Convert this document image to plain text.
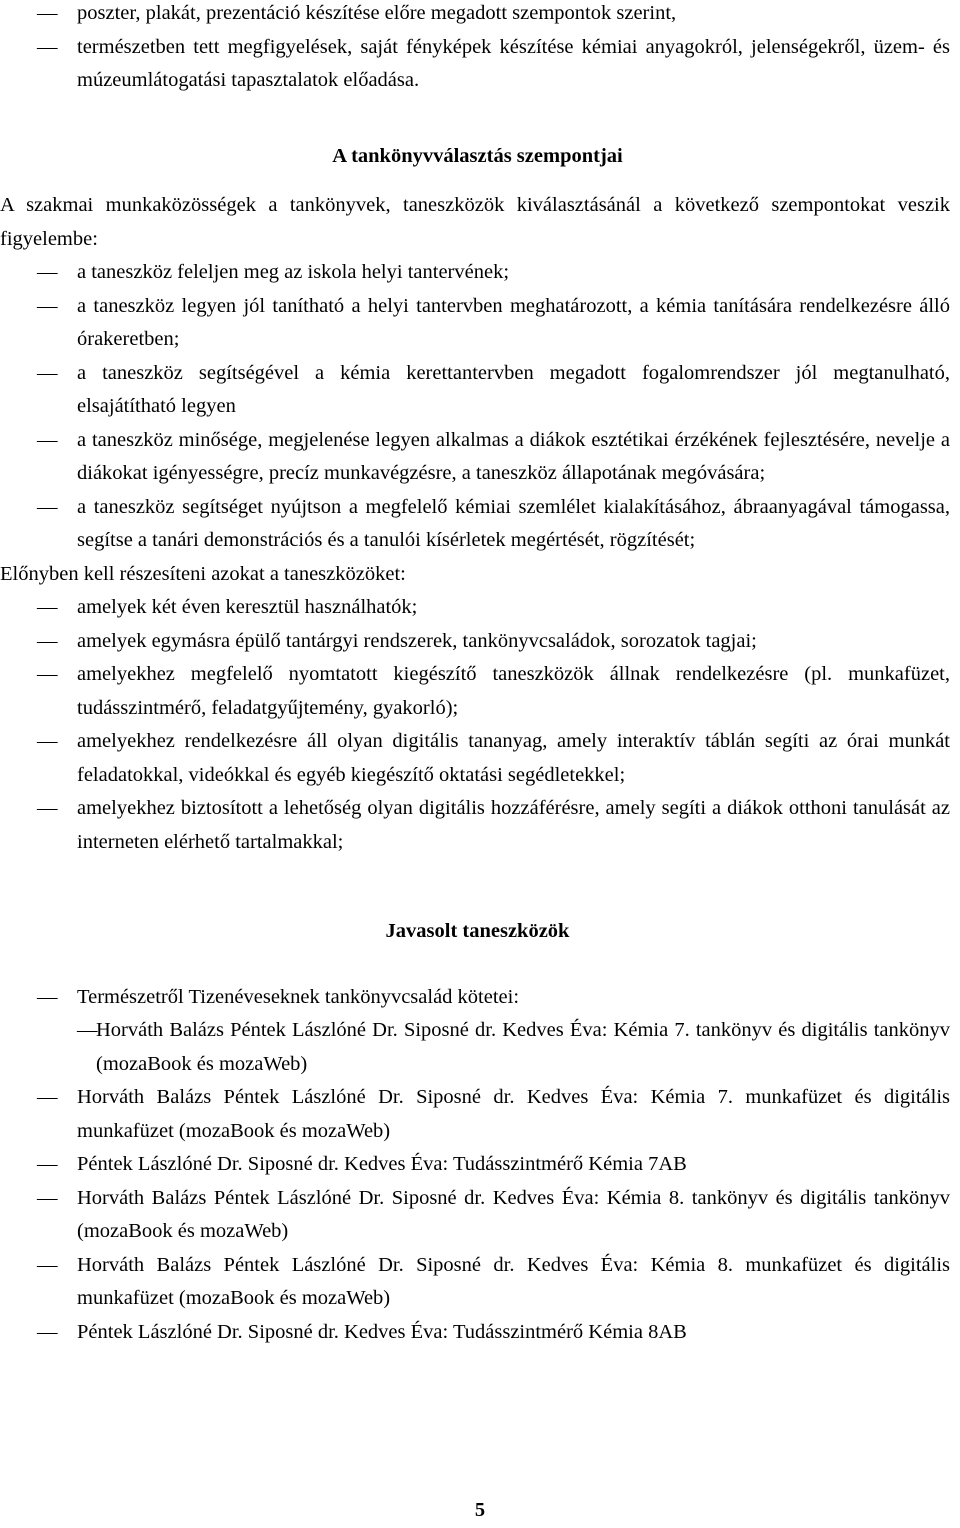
— poszter, plakát, prezentáció készítése előre megadott szempontok szerint,
— természetben tett megfigyelések, saját fényképek készítése kémiai anyagokról, jelenségekről, üzem- és múzeumlátogatási tapasztalatok előadása.
A tankönyvválasztás szempontjai
A szakmai munkaközösségek a tankönyvek, taneszközök kiválasztásánál a következő szempontokat veszik figyelembe:
— a taneszköz feleljen meg az iskola helyi tantervének;
— a taneszköz legyen jól tanítható a helyi tantervben meghatározott, a kémia tanítására rendelkezésre álló órakeretben;
— a taneszköz segítségével a kémia kerettantervben megadott fogalomrendszer jól megtanulható, elsajátítható legyen
— a taneszköz minősége, megjelenése legyen alkalmas a diákok esztétikai érzékének fejlesztésére, nevelje a diákokat igényességre, precíz munkavégzésre, a taneszköz állapotának megóvására;
— a taneszköz segítséget nyújtson a megfelelő kémiai szemlélet kialakításához, ábraanyagával támogassa, segítse a tanári demonstrációs és a tanulói kísérletek megértését, rögzítését;
Előnyben kell részesíteni azokat a taneszközöket:
— amelyek két éven keresztül használhatók;
— amelyek egymásra épülő tantárgyi rendszerek, tankönyvcsaládok, sorozatok tagjai;
— amelyekhez megfelelő nyomtatott kiegészítő taneszközök állnak rendelkezésre (pl. munkafüzet, tudásszintmérő, feladatgyűjtemény, gyakorló);
— amelyekhez rendelkezésre áll olyan digitális tananyag, amely interaktív táblán segíti az órai munkát feladatokkal, videókkal és egyéb kiegészítő oktatási segédletekkel;
— amelyekhez biztosított a lehetőség olyan digitális hozzáférésre, amely segíti a diákok otthoni tanulását az interneten elérhető tartalmakkal;
Javasolt taneszközök
— Természetről Tizenéveseknek tankönyvcsalád kötetei:
— Horváth Balázs Péntek Lászlóné Dr. Siposné dr. Kedves Éva: Kémia 7. tankönyv és digitális tankönyv (mozaBook és mozaWeb)
— Horváth Balázs Péntek Lászlóné Dr. Siposné dr. Kedves Éva: Kémia 7. munkafüzet és digitális munkafüzet (mozaBook és mozaWeb)
— Péntek Lászlóné Dr. Siposné dr. Kedves Éva: Tudásszintmérő Kémia 7AB
— Horváth Balázs Péntek Lászlóné Dr. Siposné dr. Kedves Éva: Kémia 8. tankönyv és digitális tankönyv (mozaBook és mozaWeb)
— Horváth Balázs Péntek Lászlóné Dr. Siposné dr. Kedves Éva: Kémia 8. munkafüzet és digitális munkafüzet (mozaBook és mozaWeb)
— Péntek Lászlóné Dr. Siposné dr. Kedves Éva: Tudásszintmérő Kémia 8AB
5
